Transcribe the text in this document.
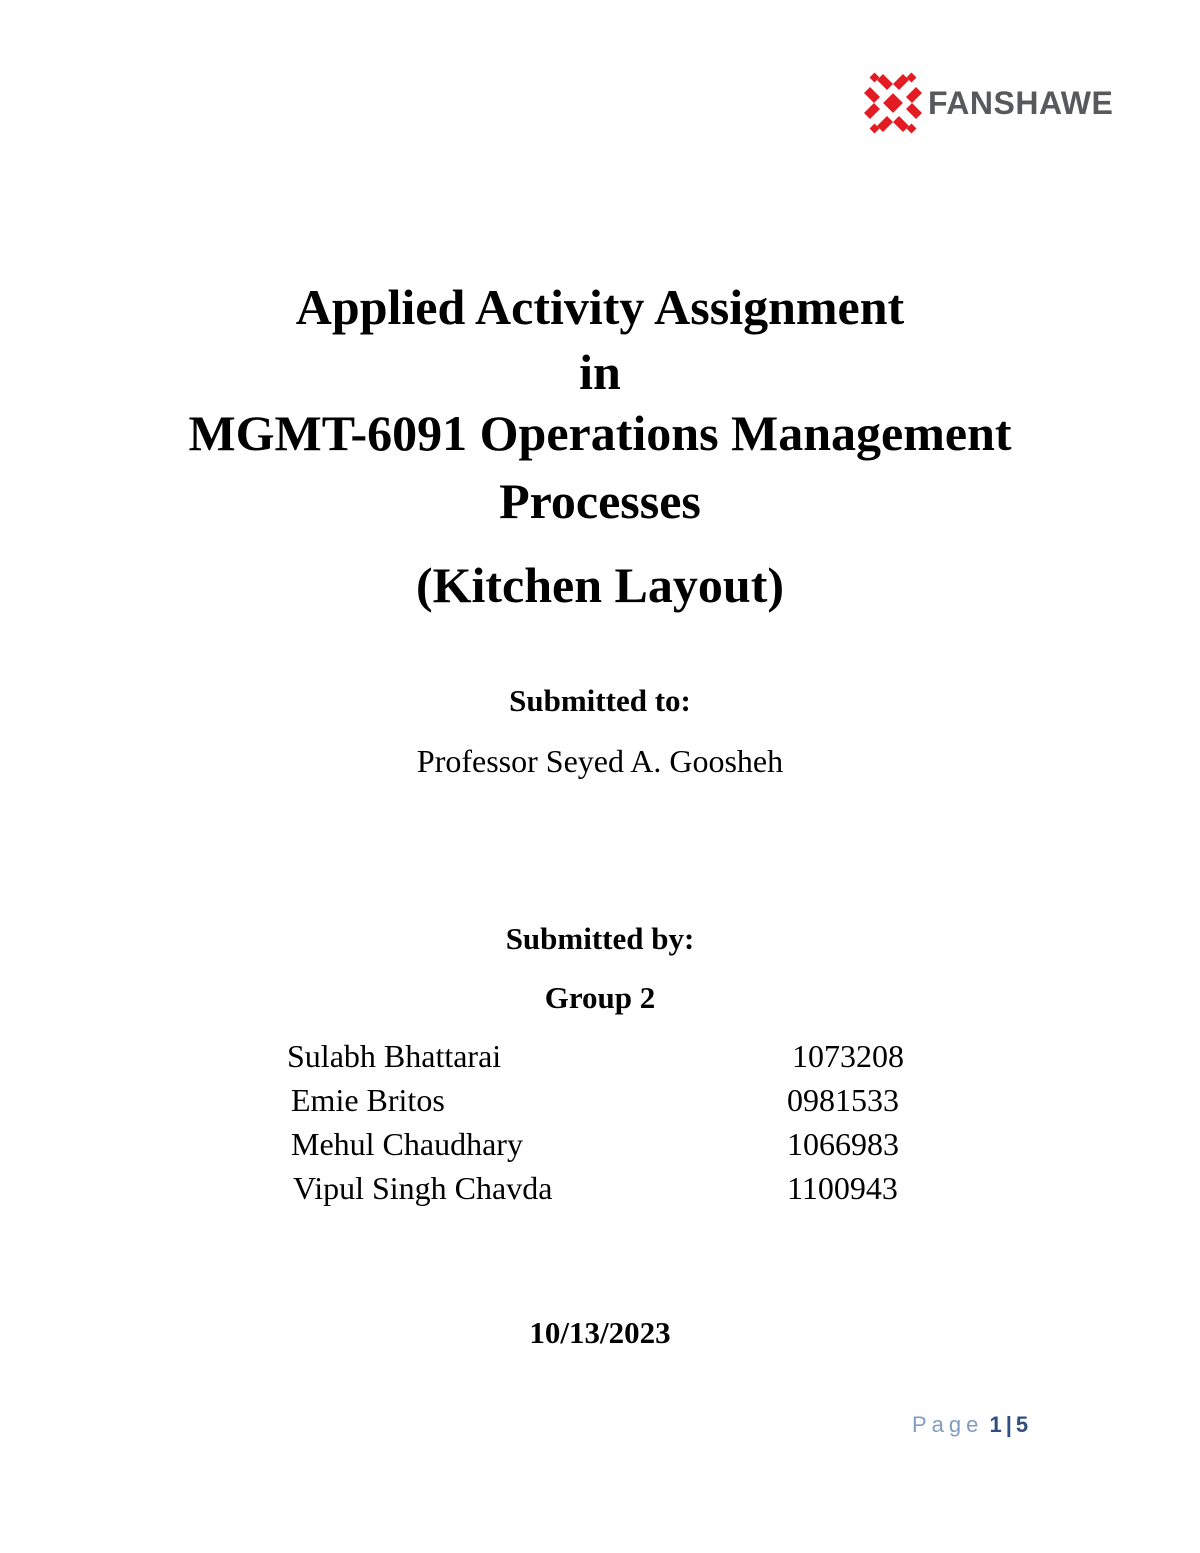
FANSHAWE
Applied Activity Assignment
in
MGMT-6091 Operations Management
Processes
(Kitchen Layout)
Submitted to:
Professor Seyed A. Goosheh
Submitted by:
Group 2
Sulabh Bhattarai	1073208
Emie Britos	0981533
Mehul Chaudhary	1066983
Vipul Singh Chavda	1100943
10/13/2023
Page 1 | 5
